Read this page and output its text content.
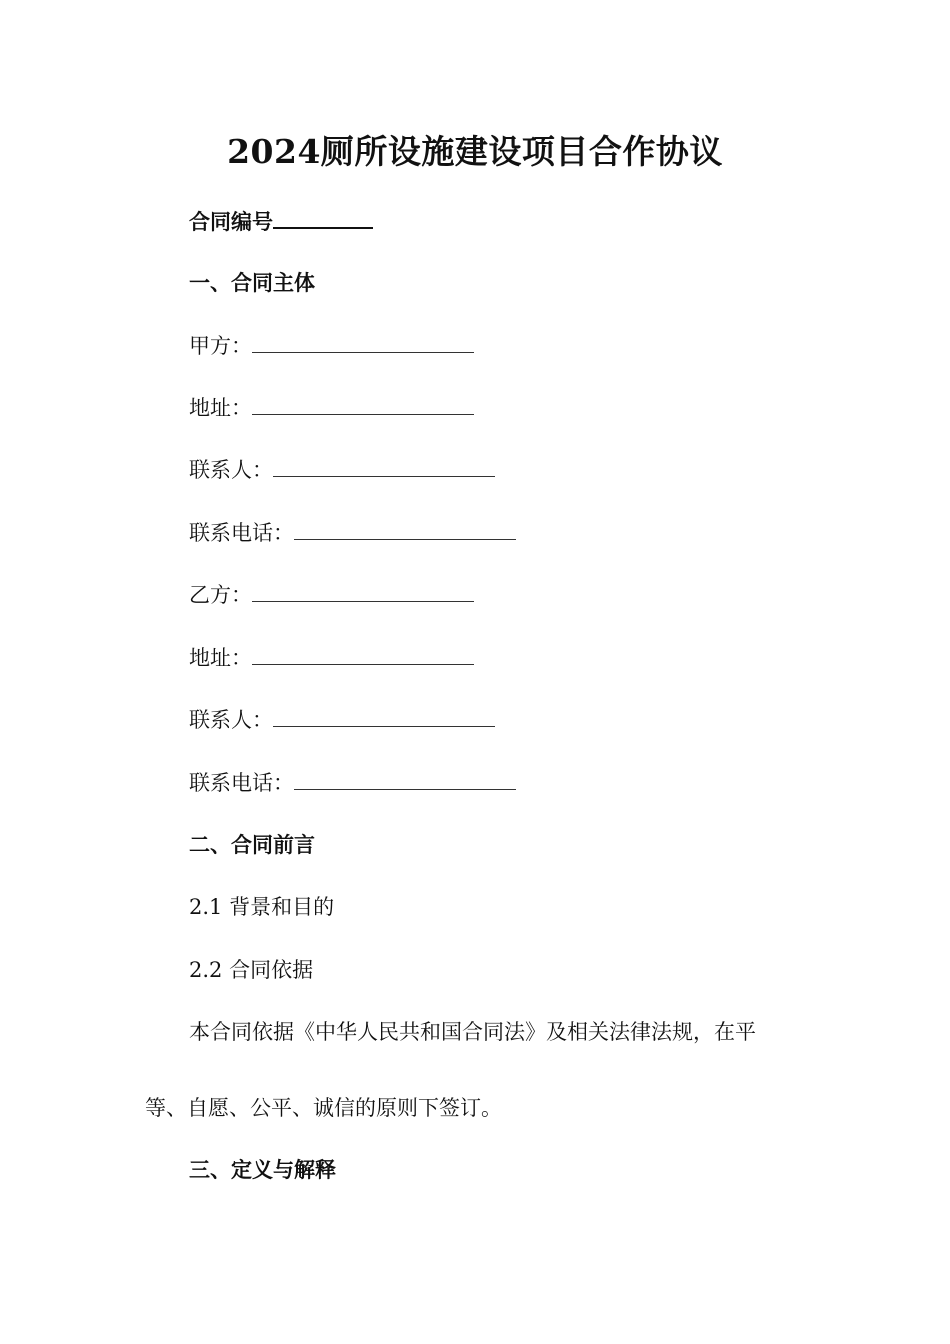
2024厕所设施建设项目合作协议
合同编号
一、合同主体
甲方：
地址：
联系人：
联系电话：
乙方：
地址：
联系人：
联系电话：
二、合同前言
2.1 背景和目的
2.2 合同依据
本合同依据《中华人民共和国合同法》及相关法律法规，在平
等、自愿、公平、诚信的原则下签订。
三、定义与解释
